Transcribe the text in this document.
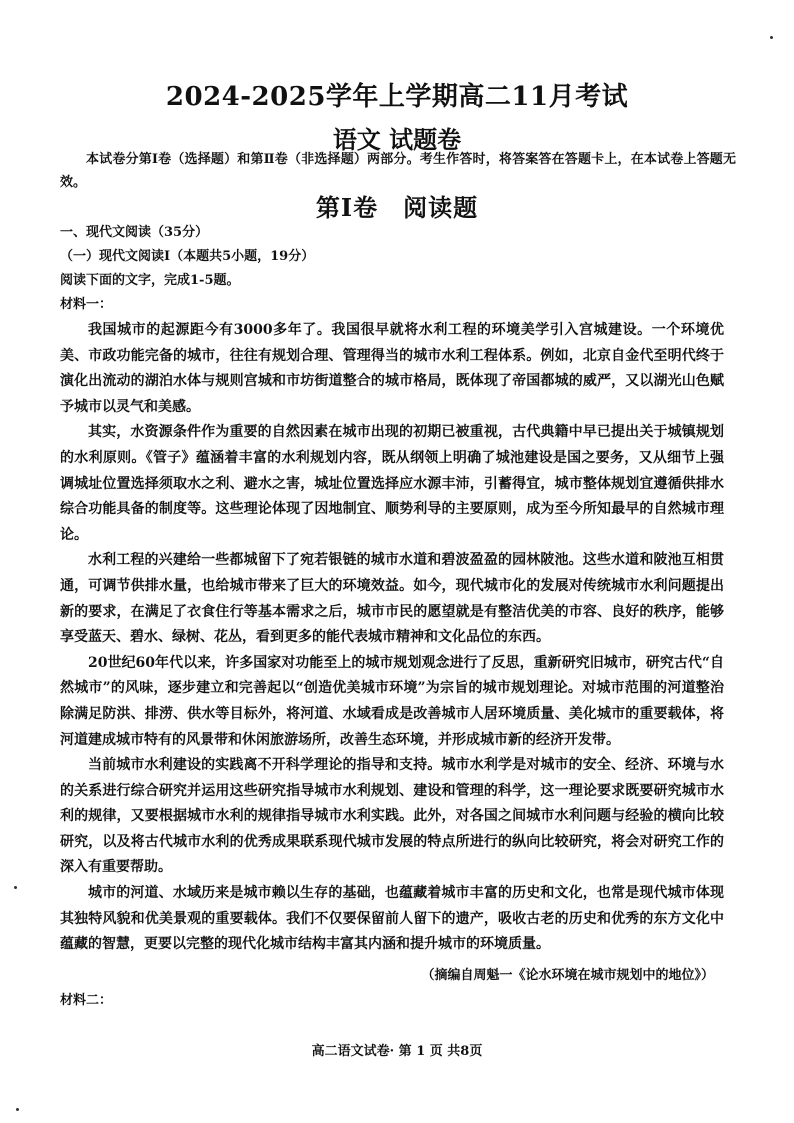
2024-2025学年上学期高二11月考试
语文 试题卷
本试卷分第Ⅰ卷（选择题）和第Ⅱ卷（非选择题）两部分。考生作答时，将答案答在答题卡上，在本试卷上答题无效。
第Ⅰ卷　阅读题
一、现代文阅读（35分）
（一）现代文阅读Ⅰ（本题共5小题，19分）
阅读下面的文字，完成1-5题。
材料一：

我国城市的起源距今有3000多年了。我国很早就将水利工程的环境美学引入宫城建设。一个环境优美、市政功能完备的城市，往往有规划合理、管理得当的城市水利工程体系。例如，北京自金代至明代终于演化出流动的湖泊水体与规则宫城和市坊街道整合的城市格局，既体现了帝国都城的威严，又以湖光山色赋予城市以灵气和美感。

其实，水资源条件作为重要的自然因素在城市出现的初期已被重视，古代典籍中早已提出关于城镇规划的水利原则。《管子》蕴涵着丰富的水利规划内容，既从纲领上明确了城池建设是国之要务，又从细节上强调城址位置选择须取水之利、避水之害，城址位置选择应水源丰沛，引蓄得宜，城市整体规划宜遵循供排水综合功能具备的制度等。这些理论体现了因地制宜、顺势利导的主要原则，成为至今所知最早的自然城市理论。

水利工程的兴建给一些都城留下了宛若银链的城市水道和碧波盈盈的园林陂池。这些水道和陂池互相贯通，可调节供排水量，也给城市带来了巨大的环境效益。如今，现代城市化的发展对传统城市水利问题提出新的要求，在满足了衣食住行等基本需求之后，城市市民的愿望就是有整洁优美的市容、良好的秩序，能够享受蓝天、碧水、绿树、花丛，看到更多的能代表城市精神和文化品位的东西。

20世纪60年代以来，许多国家对功能至上的城市规划观念进行了反思，重新研究旧城市，研究古代“自然城市”的风味，逐步建立和完善起以“创造优美城市环境”为宗旨的城市规划理论。对城市范围的河道整治除满足防洪、排涝、供水等目标外，将河道、水域看成是改善城市人居环境质量、美化城市的重要载体，将河道建成城市特有的风景带和休闲旅游场所，改善生态环境，并形成城市新的经济开发带。

当前城市水利建设的实践离不开科学理论的指导和支持。城市水利学是对城市的安全、经济、环境与水的关系进行综合研究并运用这些研究指导城市水利规划、建设和管理的科学，这一理论要求既要研究城市水利的规律，又要根据城市水利的规律指导城市水利实践。此外，对各国之间城市水利问题与经验的横向比较研究，以及将古代城市水利的优秀成果联系现代城市发展的特点所进行的纵向比较研究，将会对研究工作的深入有重要帮助。

城市的河道、水域历来是城市赖以生存的基础，也蕴藏着城市丰富的历史和文化，也常是现代城市体现其独特风貌和优美景观的重要载体。我们不仅要保留前人留下的遗产，吸收古老的历史和优秀的东方文化中蕴藏的智慧，更要以完整的现代化城市结构丰富其内涵和提升城市的环境质量。

（摘编自周魁一《论水环境在城市规划中的地位》）
材料二：
高二语文试卷· 第 1 页 共8页
